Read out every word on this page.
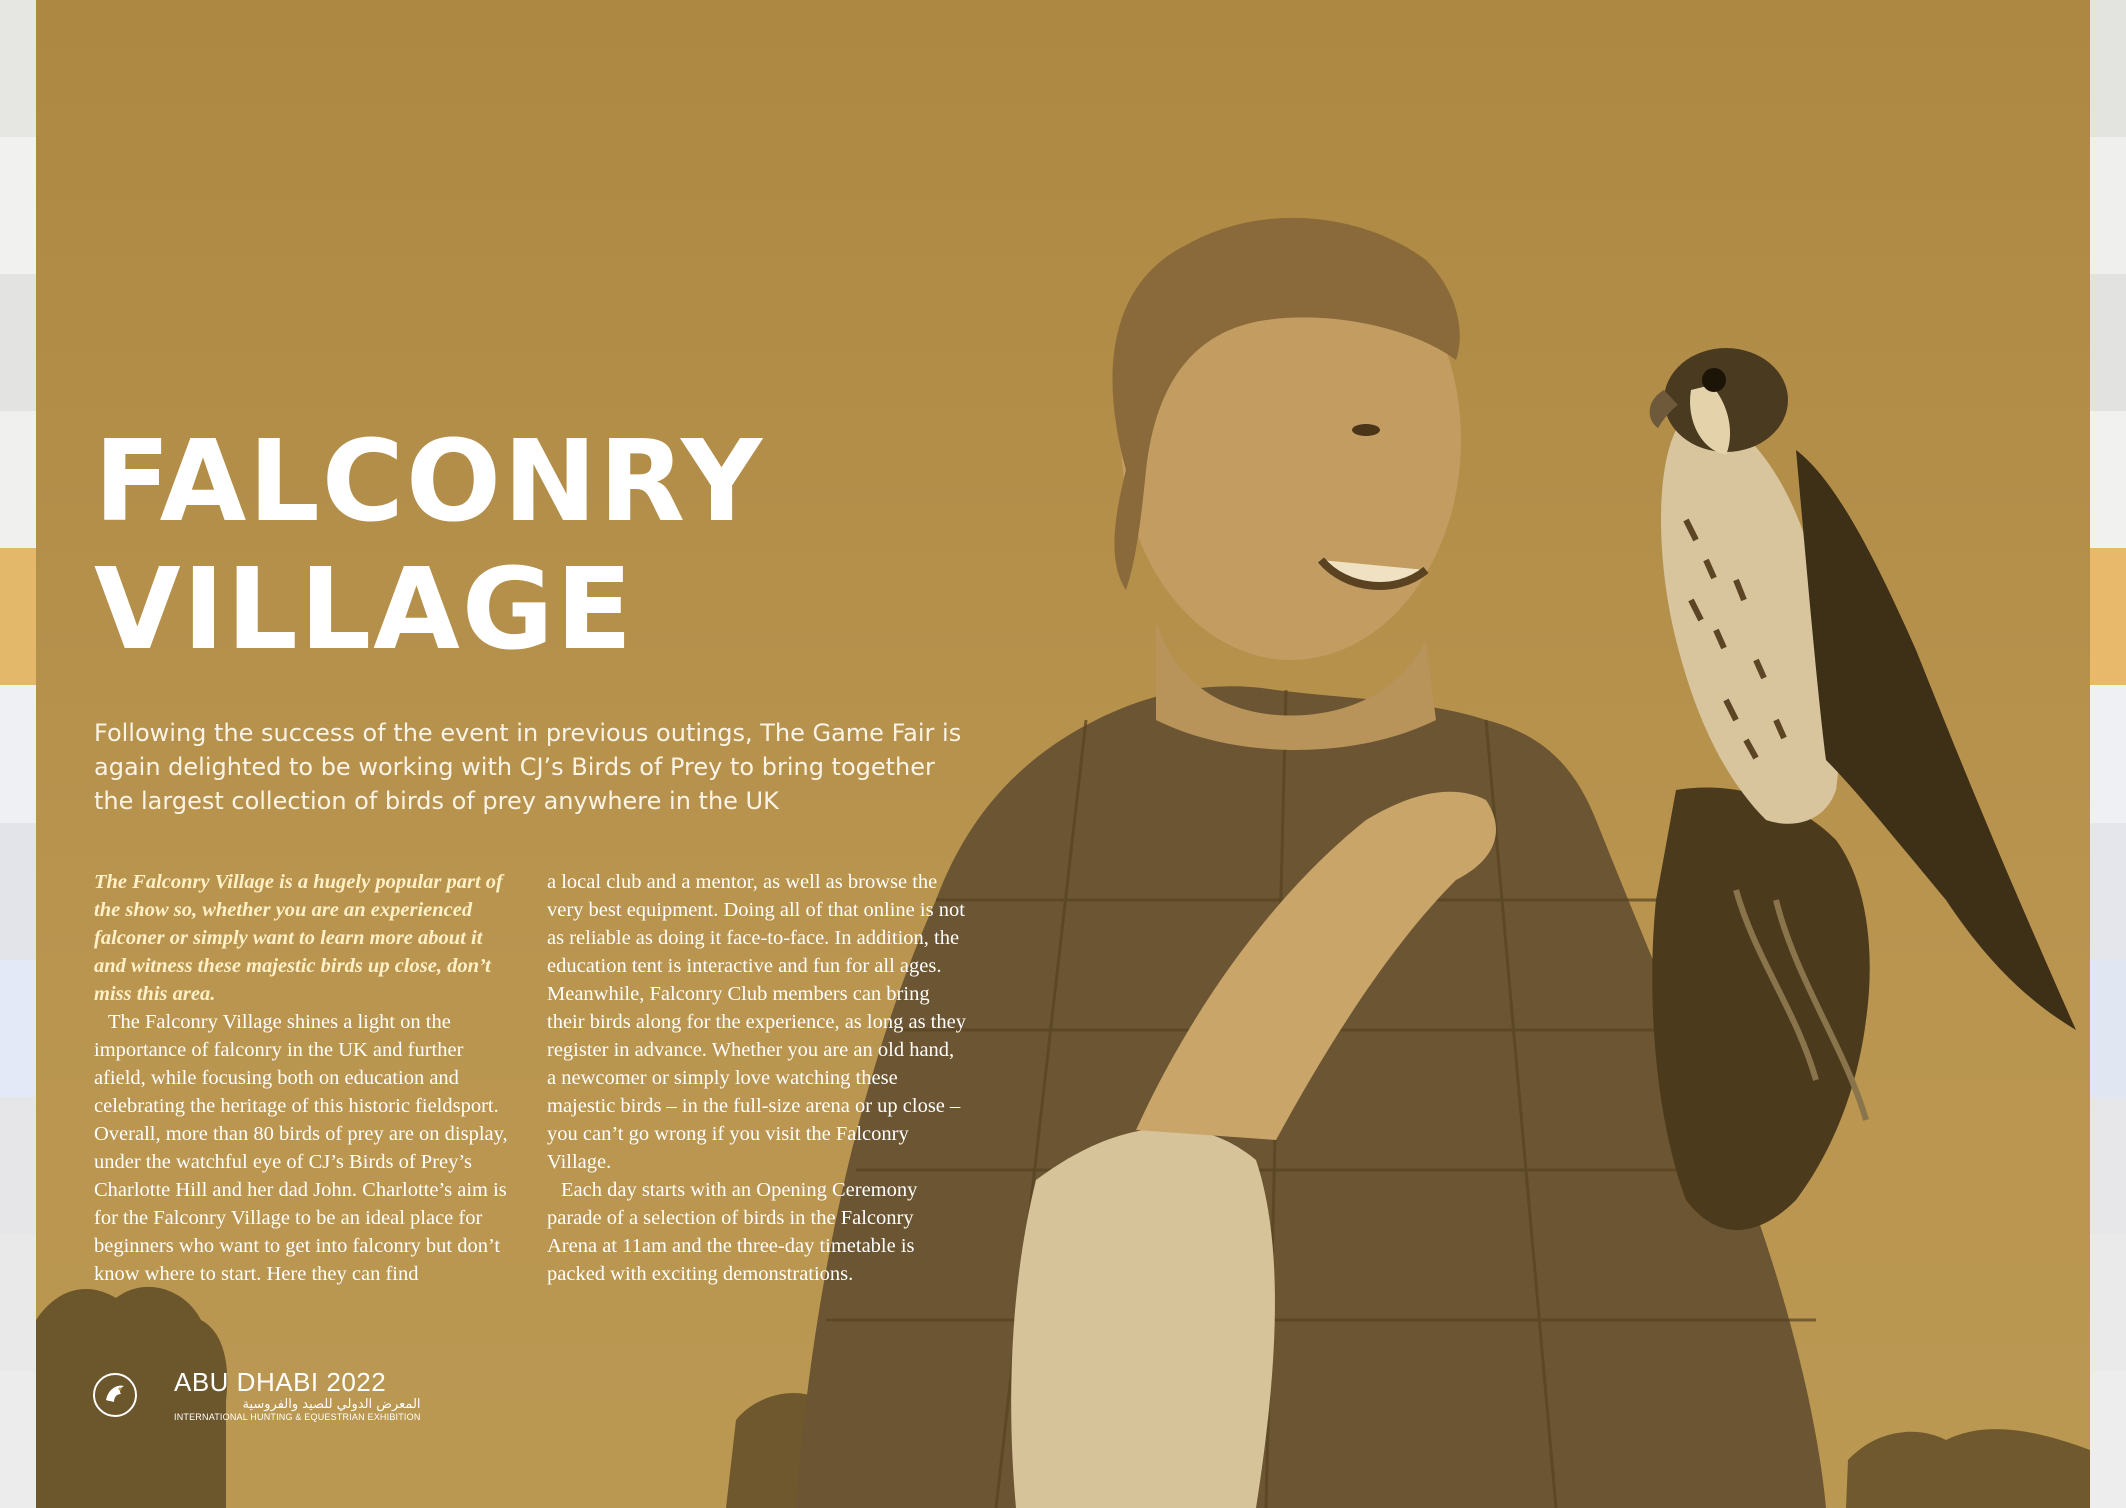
FALCONRY
VILLAGE

Following the success of the event in previous outings, The Game Fair is again delighted to be working with CJ’s Birds of Prey to bring together the largest collection of birds of prey anywhere in the UK

The Falconry Village is a hugely popular part of the show so, whether you are an experienced falconer or simply want to learn more about it and witness these majestic birds up close, don’t miss this area.

The Falconry Village shines a light on the importance of falconry in the UK and further afield, while focusing both on education and celebrating the heritage of this historic fieldsport. Overall, more than 80 birds of prey are on display, under the watchful eye of CJ’s Birds of Prey’s Charlotte Hill and her dad John. Charlotte’s aim is for the Falconry Village to be an ideal place for beginners who want to get into falconry but don’t know where to start. Here they can find

a local club and a mentor, as well as browse the very best equipment. Doing all of that online is not as reliable as doing it face-to-face. In addition, the education tent is interactive and fun for all ages. Meanwhile, Falconry Club members can bring their birds along for the experience, as long as they register in advance. Whether you are an old hand, a newcomer or simply love watching these majestic birds – in the full-size arena or up close – you can’t go wrong if you visit the Falconry Village.

Each day starts with an Opening Ceremony parade of a selection of birds in the Falconry Arena at 11am and the three-day timetable is packed with exciting demonstrations.

ABU DHABI 2022
المعرض الدولي للصيد والفروسية
INTERNATIONAL HUNTING & EQUESTRIAN EXHIBITION
